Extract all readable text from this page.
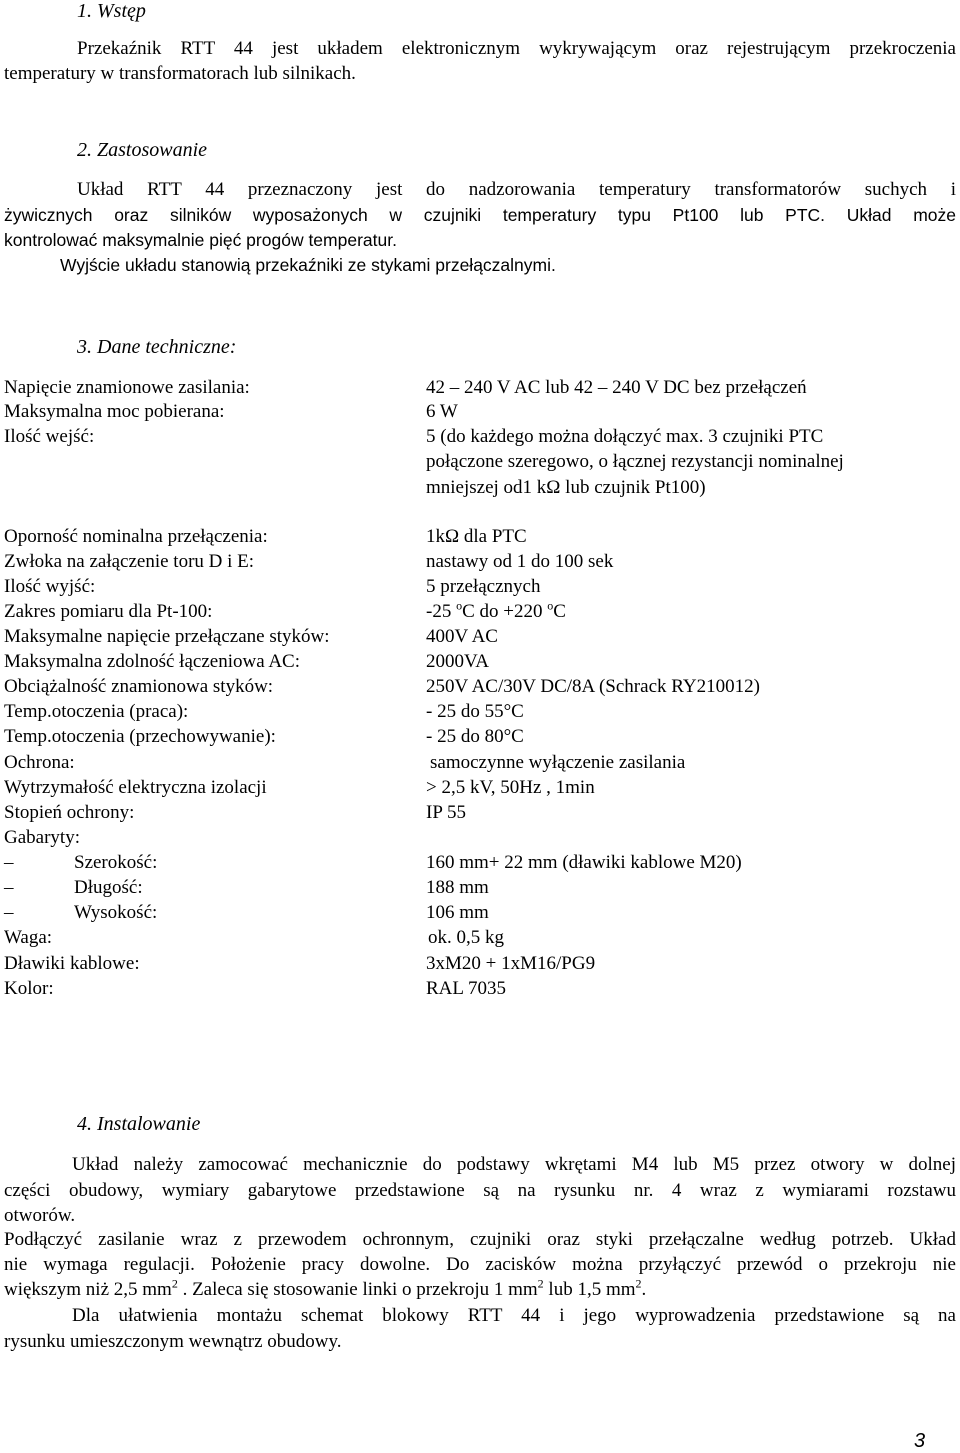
1. Wstęp
Przekaźnik RTT 44 jest układem elektronicznym wykrywającym oraz rejestrującym przekroczenia
temperatury w transformatorach lub silnikach.
2. Zastosowanie
Układ RTT 44 przeznaczony jest do nadzorowania temperatury transformatorów suchych i
żywicznych oraz silników wyposażonych w czujniki temperatury typu Pt100 lub PTC. Układ może
kontrolować maksymalnie pięć progów temperatur.
Wyjście układu stanowią przekaźniki ze stykami przełączalnymi.
3. Dane techniczne:
Napięcie znamionowe zasilania:	42 – 240 V AC lub 42 – 240 V DC bez przełączeń
Maksymalna moc pobierana:	6 W
Ilość wejść:	5 (do każdego można dołączyć max. 3 czujniki PTC
połączone szeregowo, o łącznej rezystancji nominalnej
mniejszej od1 kΩ lub czujnik Pt100)
Oporność nominalna przełączenia:	1kΩ dla PTC
Zwłoka na załączenie toru D i E:	nastawy od 1 do 100 sek
Ilość wyjść:	5 przełącznych
Zakres pomiaru dla Pt-100:	-25 $^o$C do +220 $^o$C
Maksymalne napięcie przełączane styków:	400V AC
Maksymalna zdolność łączeniowa AC:	2000VA
Obciążalność znamionowa styków:	250V AC/30V DC/8A (Schrack RY210012)
Temp.otoczenia (praca):	- 25 do 55°C
Temp.otoczenia (przechowywanie):	- 25 do 80°C
Ochrona:	samoczynne wyłączenie zasilania
Wytrzymałość elektryczna izolacji	> 2,5 kV, 50Hz , 1min
Stopień ochrony:	IP 55
Gabaryty:
–	Szerokość:	160 mm+ 22 mm (dławiki kablowe M20)
–	Długość:	188 mm
–	Wysokość:	106 mm
Waga:	ok. 0,5 kg
Dławiki kablowe:	3xM20 + 1xM16/PG9
Kolor:	RAL 7035
4. Instalowanie
Układ należy zamocować mechanicznie do podstawy wkrętami M4 lub M5 przez otwory w dolnej
części obudowy, wymiary gabarytowe przedstawione są na rysunku nr. 4 wraz z wymiarami rozstawu
otworów.
Podłączyć zasilanie wraz z przewodem ochronnym, czujniki oraz styki przełączalne według potrzeb. Układ
nie wymaga regulacji. Położenie pracy dowolne. Do zacisków można przyłączyć przewód o przekroju nie
większym niż 2,5 $mm^2$ . Zaleca się stosowanie linki o przekroju 1 $mm^2$ lub 1,5 $mm^2$.
Dla ułatwienia montażu schemat blokowy RTT 44 i jego wyprowadzenia przedstawione są na
rysunku umieszczonym wewnątrz obudowy.
3
